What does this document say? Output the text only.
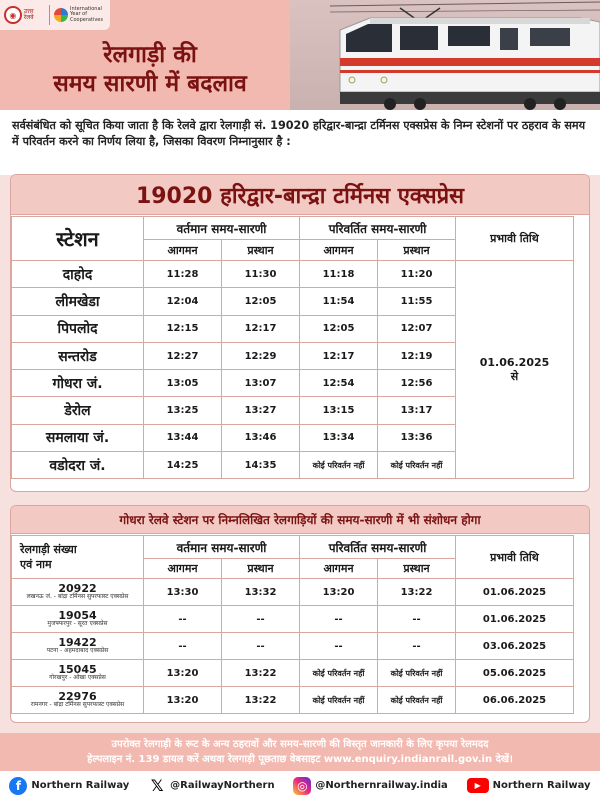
◉	उत्तर रेलवे
International Year of Cooperatives
रेलगाड़ी की
समय सारणी में बदलाव
सर्वसंबंधित को सूचित किया जाता है कि रेलवे द्वारा रेलगाड़ी सं. 19020 हरिद्वार-बान्द्रा टर्मिनस एक्सप्रेस के निम्न स्टेशनों पर ठहराव के समय में परिवर्तन करने का निर्णय लिया है, जिसका विवरण निम्नानुसार है :
19020 हरिद्वार-बान्द्रा टर्मिनस एक्सप्रेस
स्टेशन	वर्तमान समय-सारणी		परिवर्तित समय-सारणी		प्रभावी तिथि
	आगमन	प्रस्थान	आगमन	प्रस्थान	
दाहोद	11:28	11:30	11:18	11:20	01.06.2025
से

लीमखेडा	12:04	12:05	11:54	11:55	
पिपलोद	12:15	12:17	12:05	12:07	
सन्तरोड	12:27	12:29	12:17	12:19	
गोधरा जं.	13:05	13:07	12:54	12:56	
डेरोल	13:25	13:27	13:15	13:17	
समलाया जं.	13:44	13:46	13:34	13:36	
वडोदरा जं.	14:25	14:35	कोई परिवर्तन नहीं	कोई परिवर्तन नहीं	
गोधरा रेलवे स्टेशन पर निम्नलिखित रेलगाड़ियों की समय-सारणी में भी संशोधन होगा
रेलगाड़ी संख्या
एवं नाम	वर्तमान समय-सारणी		परिवर्तित समय-सारणी		प्रभावी तिथि
	आगमन	प्रस्थान	आगमन	प्रस्थान	

20922
लखनऊ जं. - बांद्रा टर्मिनस सुपरफास्ट एक्सप्रेस	13:30	13:32	13:20	13:22	01.06.2025

19054
मुजफ्फरपुर - सूरत एक्सप्रेस	--	--	--	--	01.06.2025

19422
पटना - अहमदाबाद एक्सप्रेस	--	--	--	--	03.06.2025

15045
गोरखपुर - ओखा एक्सप्रेस	13:20	13:22	कोई परिवर्तन नहीं	कोई परिवर्तन नहीं	05.06.2025

22976
रामनगर - बांद्रा टर्मिनस सुपरफास्ट एक्सप्रेस	13:20	13:22	कोई परिवर्तन नहीं	कोई परिवर्तन नहीं	06.06.2025
उपरोक्त रेलगाड़ी के रूट के अन्य ठहरावों और समय-सारणी की विस्तृत जानकारी के लिए कृपया रेलमदद
हेल्पलाइन नं. 139 डायल करें अथवा रेलगाड़ी पूछताछ वेबसाइट www.enquiry.indianrail.gov.in देखें।
f	Northern Railway 𝕏 @RailwayNorthern	◎ @Northernrailway.india	▶	Northern Railway
